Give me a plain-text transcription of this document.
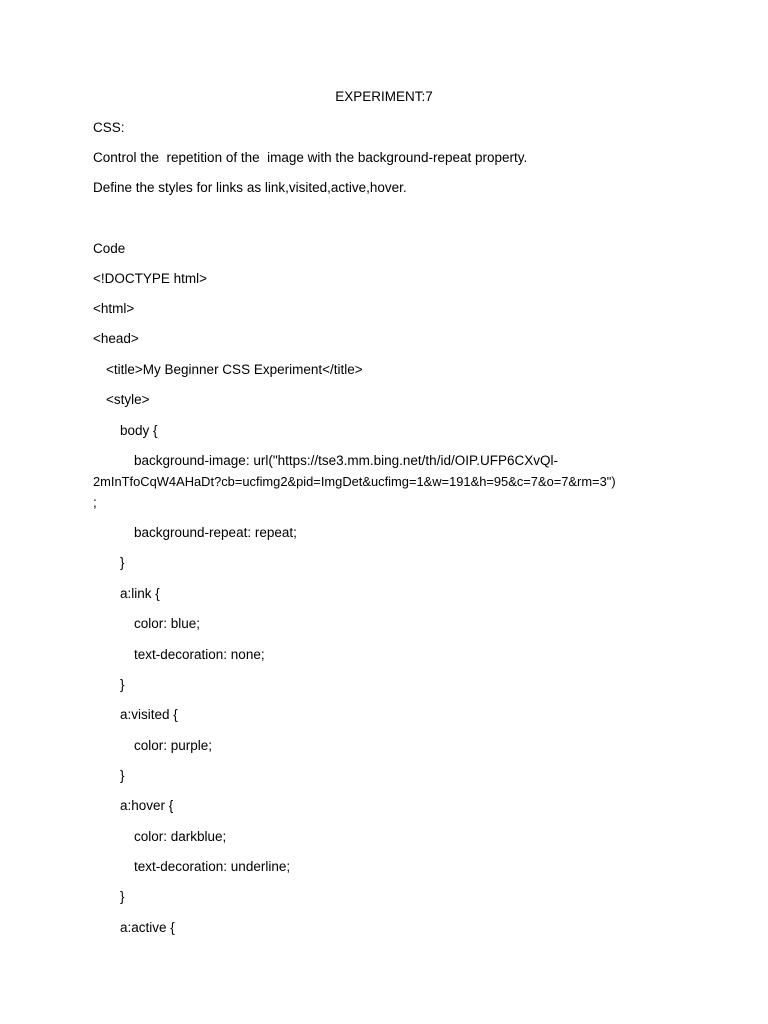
EXPERIMENT:7
CSS:
Control the  repetition of the  image with the background-repeat property.
Define the styles for links as link,visited,active,hover.
Code
<!DOCTYPE html>
<html>
<head>
<title>My Beginner CSS Experiment</title>
<style>
body {
background-image: url("https://tse3.mm.bing.net/th/id/OIP.UFP6CXvQl-
2mInTfoCqW4AHaDt?cb=ucfimg2&pid=ImgDet&ucfimg=1&w=191&h=95&c=7&o=7&rm=3")
;
background-repeat: repeat;
}
a:link {
color: blue;
text-decoration: none;
}
a:visited {
color: purple;
}
a:hover {
color: darkblue;
text-decoration: underline;
}
a:active {
